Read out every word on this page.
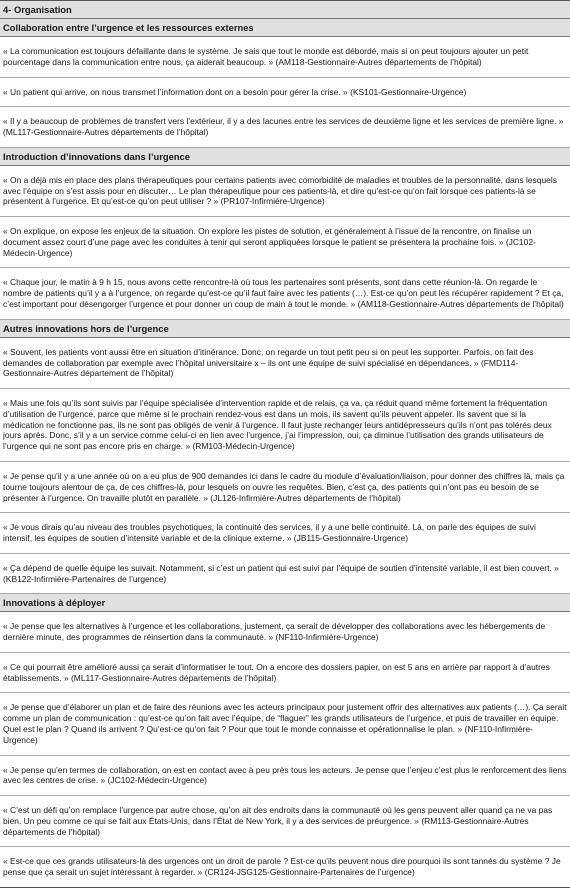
4- Organisation
Collaboration entre l’urgence et les ressources externes
« La communication est toujours défaillante dans le système. Je sais que tout le monde est débordé, mais si on peut toujours ajouter un petit pourcentage dans la communication entre nous, ça aiderait beaucoup. » (AM118-Gestionnaire-Autres départements de l’hôpital)
« Un patient qui arrive, on nous transmet l’information dont on a besoin pour gérer la crise. » (KS101-Gestionnaire-Urgence)
« Il y a beaucoup de problèmes de transfert vers l’extérieur, il y a des lacunes entre les services de deuxième ligne et les services de première ligne. » (ML117-Gestionnaire-Autres départements de l’hôpital)
Introduction d’innovations dans l’urgence
« On a déjà mis en place des plans thérapeutiques pour certains patients avec comorbidité de maladies et troubles de la personnalité, dans lesquels avec l’équipe on s’est assis pour en discuter… Le plan thérapeutique pour ces patients-là, et dire qu’est-ce qu’on fait lorsque ces patients-là se présentent à l’urgence. Et qu’est-ce qu’on peut utiliser ? » (PR107-Infirmière-Urgence)
« On explique, on expose les enjeux de la situation. On explore les pistes de solution, et généralement à l’issue de la rencontre, on finalise un document assez court d’une page avec les conduites à tenir qui seront appliquées lorsque le patient se présentera la prochaine fois. » (JC102-Médecin-Urgence)
« Chaque jour, le matin à 9 h 15, nous avons cette rencontre-là où tous les partenaires sont présents, sont dans cette réunion-là. On regarde le nombre de patients qu’il y a à l’urgence, on regarde qu’est-ce qu’il faut faire avec les patients (…). Est-ce qu’on peut les récupérer rapidement ? Et ça, c’est important pour désengorger l’urgence et pour donner un coup de main à tout le monde. » (AM118-Gestionnaire-Autres départements de l’hôpital)
Autres innovations hors de l’urgence
« Souvent, les patients vont aussi être en situation d’itinérance. Donc, on regarde un tout petit peu si on peut les supporter. Parfois, on fait des demandes de collaboration par exemple avec l’hôpital universitaire x – ils ont une équipe de suivi spécialisé en dépendances. » (FMD114-Gestionnaire-Autres département de l’hôpital)
« Mais une fois qu’ils sont suivis par l’équipe spécialisée d’intervention rapide et de relais, ça va, ça réduit quand même fortement la fréquentation d’utilisation de l’urgence, parce que même si le prochain rendez-vous est dans un mois, ils savent qu’ils peuvent appeler. Ils savent que si la médication ne fonctionne pas, ils ne sont pas obligés de venir à l’urgence. Il faut juste rechanger leurs antidépresseurs qu’ils n’ont pas tolérés deux jours après. Donc, s’il y a un service comme celui-ci en lien avec l’urgence, j’ai l’impression, oui, ça diminue l’utilisation des grands utilisateurs de l’urgence qui ne sont pas encore pris en charge. » (RM103-Médecin-Urgence)
« Je pense qu’il y a une année où on a eu plus de 900 demandes ici dans le cadre du module d’évaluation/liaison, pour donner des chiffres là, mais ça tourne toujours alentour de ça, de ces chiffres-là, pour lesquels on ouvre les requêtes. Bien, c’est ça, des patients qui n’ont pas eu besoin de se présenter à l’urgence. On travaille plutôt en parallèle. » (JL126-Infirmière-Autres départements de l’hôpital)
« Je vous dirais qu’au niveau des troubles psychotiques, la continuité des services, il y a une belle continuité. Là, on parle des équipes de suivi intensif, les équipes de soutien d’intensité variable et de la clinique externe. » (JB115-Gestionnaire-Urgence)
« Ça dépend de quelle équipe les suivait. Notamment, si c’est un patient qui est suivi par l’équipe de soutien d’intensité variable, il est bien couvert. » (KB122-Infirmière-Partenaires de l’urgence)
Innovations à déployer
« Je pense que les alternatives à l’urgence et les collaborations, justement, ça serait de développer des collaborations avec les hébergements de dernière minute, des programmes de réinsertion dans la communauté. » (NF110-Infirmière-Urgence)
« Ce qui pourrait être amélioré aussi ça serait d’informatiser le tout. On a encore des dossiers papier, on est 5 ans en arrière par rapport à d’autres établissements. » (ML117-Gestionnaire-Autres départements de l’hôpital)
« Je pense que d’élaborer un plan et de faire des réunions avec les acteurs principaux pour justement offrir des alternatives aux patients (…). Ça serait comme un plan de communication : qu’est-ce qu’on fait avec l’équipe, de “flaguer” les grands utilisateurs de l’urgence, et puis de travailler en équipe. Quel est le plan ? Quand ils arrivent ? Qu’est-ce qu’on fait ? Pour que tout le monde connaisse et opérationnalise le plan. » (NF110-Infirmière-Urgence)
« Je pense qu’en termes de collaboration, on est en contact avec à peu près tous les acteurs. Je pense que l’enjeu c’est plus le renforcement des liens avec les centres de crise. » (JC102-Médecin-Urgence)
« C’est un défi qu’on remplace l’urgence par autre chose, qu’on ait des endroits dans la communauté où les gens peuvent aller quand ça ne va pas bien. Un peu comme ce qui se fait aux États-Unis, dans l’État de New York, il y a des services de préurgence. » (RM113-Gestionnaire-Autres départements de l’hôpital)
« Est-ce que ces grands utilisateurs-là des urgences ont un droit de parole ? Est-ce qu’ils peuvent nous dire pourquoi ils sont tannés du système ? Je pense que ça serait un sujet intéressant à regarder. » (CR124-JSG125-Gestionnaire-Partenaires de l’urgence)
